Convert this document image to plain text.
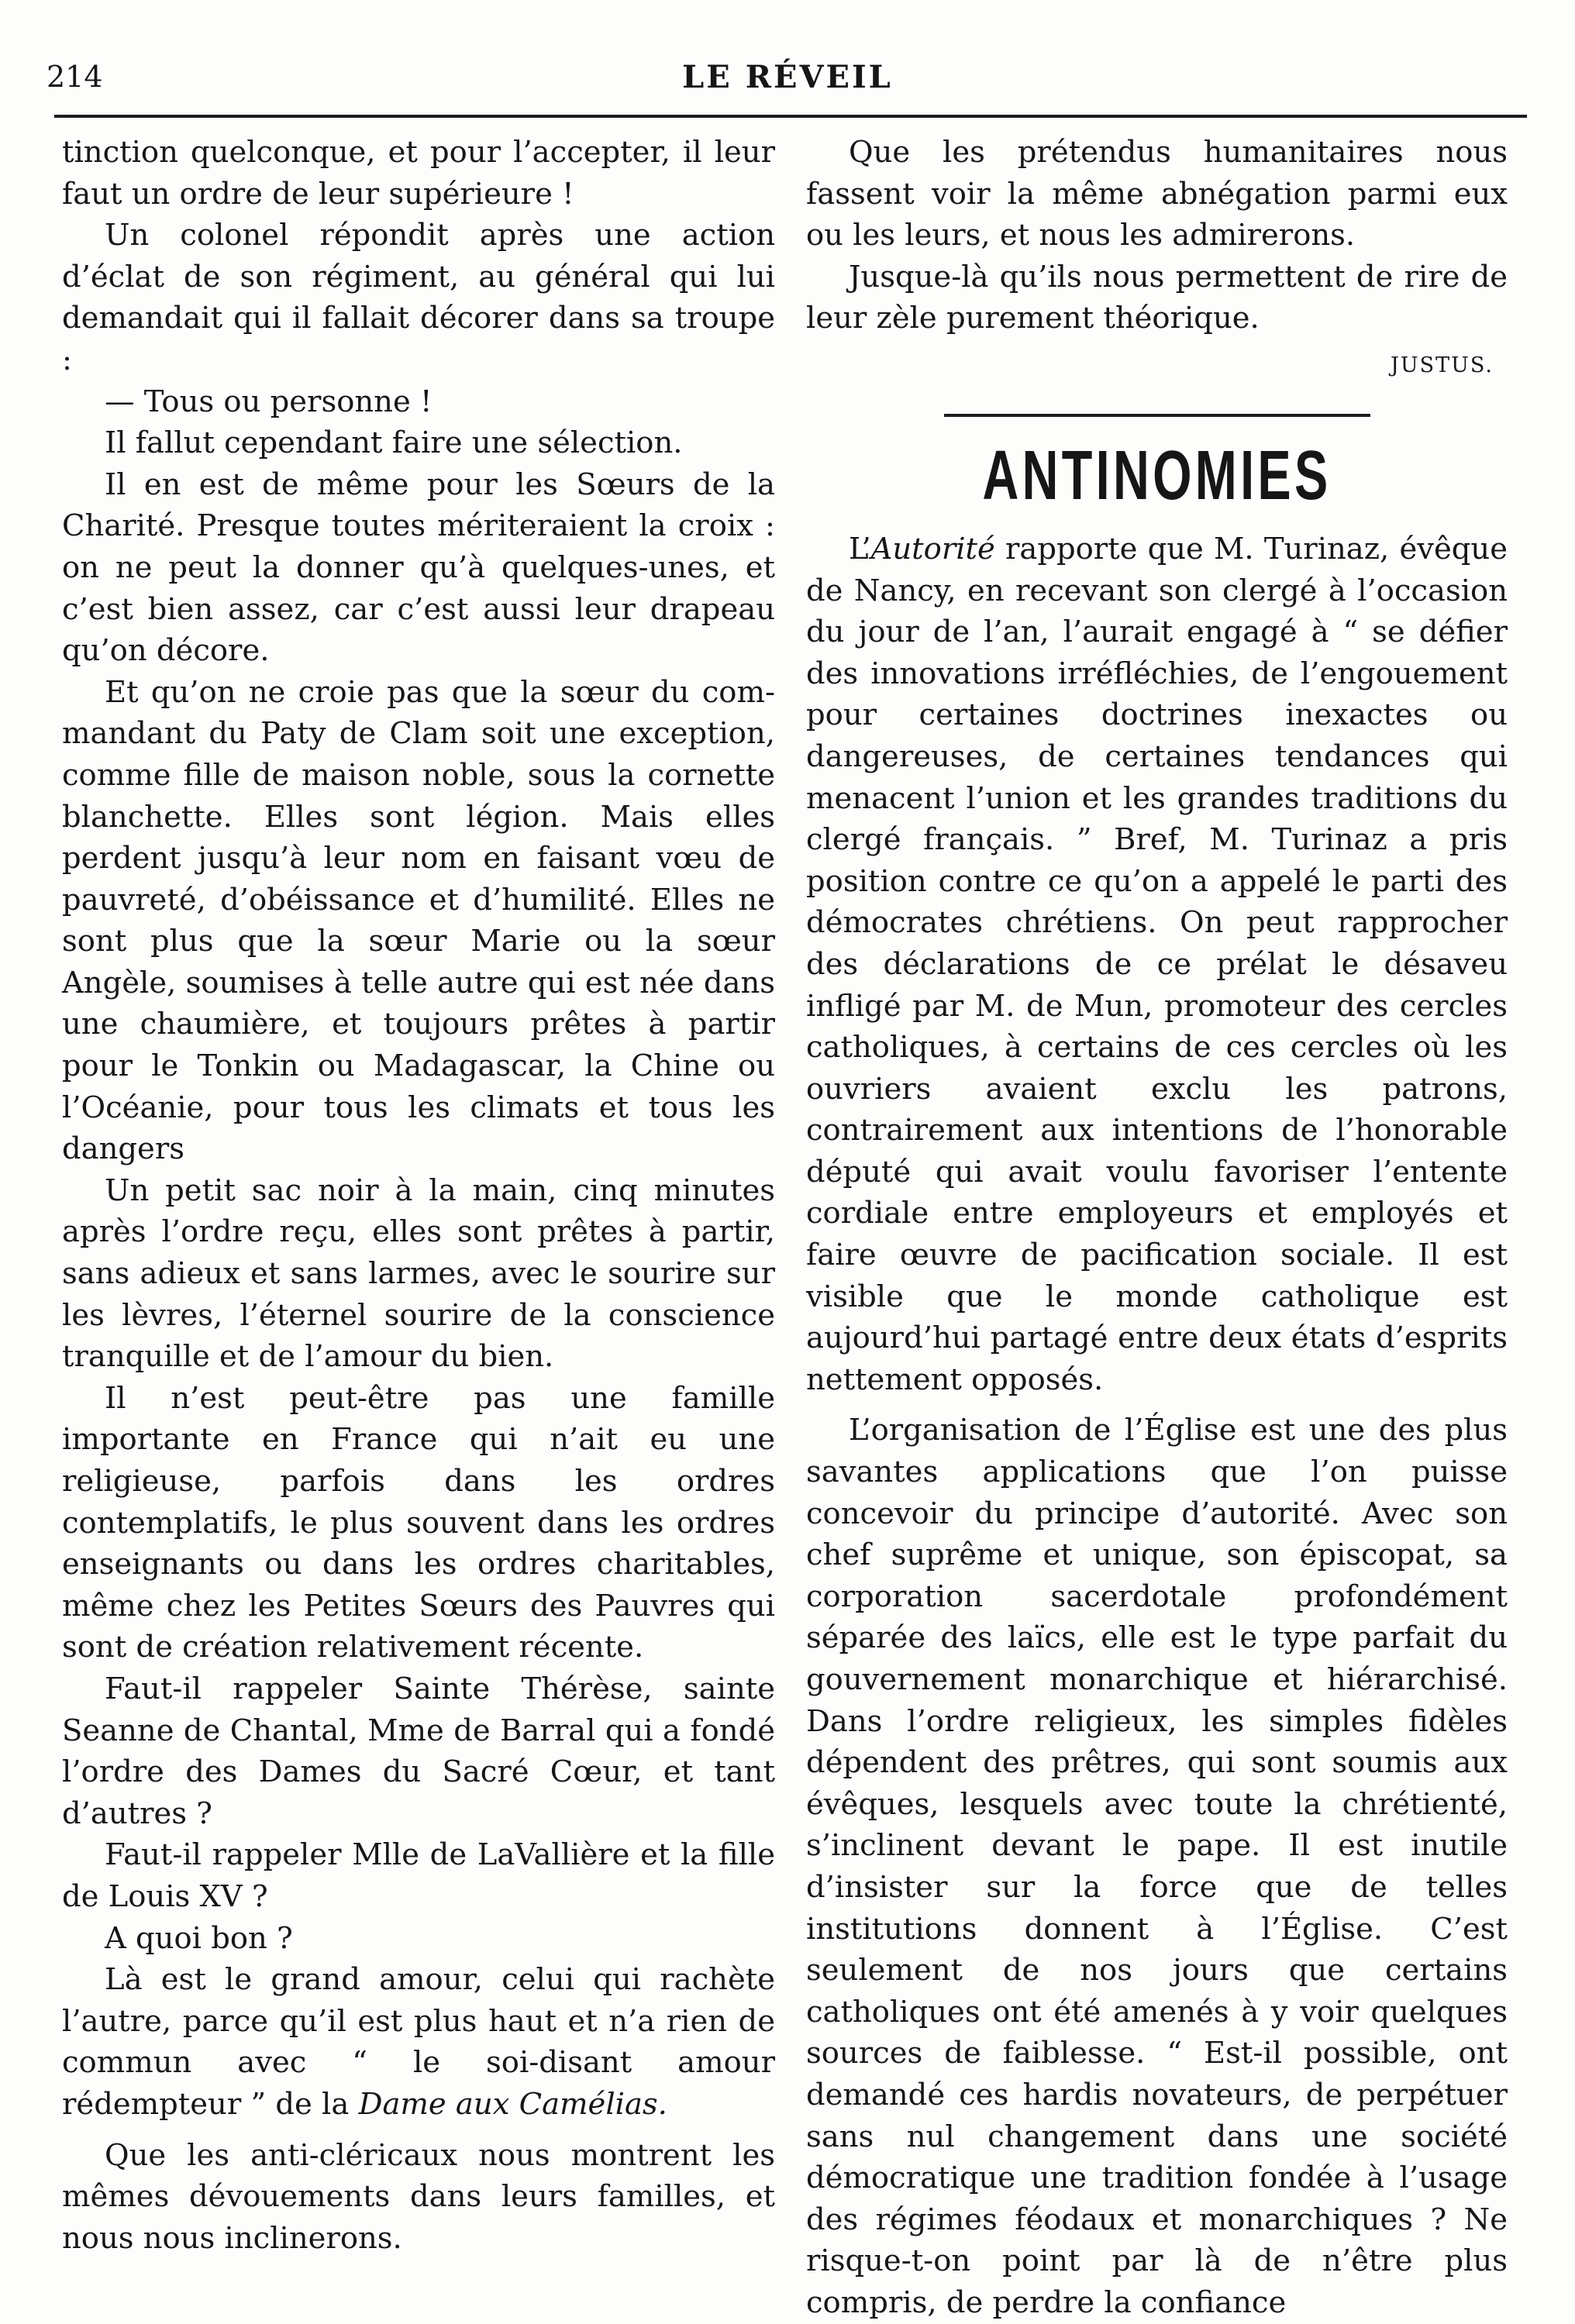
214	LE RÉVEIL

tinction quelconque, et pour l’accepter, il leur faut un ordre de leur supérieure !

Un colonel répondit après une action d’éclat de son régiment, au général qui lui demandait qui il fallait décorer dans sa troupe :

— Tous ou personne !

Il fallut cependant faire une sélection.

Il en est de même pour les Sœurs de la Charité. Presque toutes mériteraient la croix : on ne peut la donner qu’à quelques-unes, et c’est bien assez, car c’est aussi leur drapeau qu’on décore.

Et qu’on ne croie pas que la sœur du commandant du Paty de Clam soit une exception, comme fille de maison noble, sous la cornette blanchette. Elles sont légion. Mais elles perdent jusqu’à leur nom en faisant vœu de pauvreté, d’obéissance et d’humilité. Elles ne sont plus que la sœur Marie ou la sœur Angèle, soumises à telle autre qui est née dans une chaumière, et toujours prêtes à partir pour le Tonkin ou Madagascar, la Chine ou l’Océanie, pour tous les climats et tous les dangers

Un petit sac noir à la main, cinq minutes après l’ordre reçu, elles sont prêtes à partir, sans adieux et sans larmes, avec le sourire sur les lèvres, l’éternel sourire de la conscience tranquille et de l’amour du bien.

Il n’est peut-être pas une famille importante en France qui n’ait eu une religieuse, parfois dans les ordres contemplatifs, le plus souvent dans les ordres enseignants ou dans les ordres charitables, même chez les Petites Sœurs des Pauvres qui sont de création relativement récente.

Faut-il rappeler Sainte Thérèse, sainte Seanne de Chantal, Mme de Barral qui a fondé l’ordre des Dames du Sacré Cœur, et tant d’autres ?

Faut-il rappeler Mlle de LaVallière et la fille de Louis XV ?

A quoi bon ?

Là est le grand amour, celui qui rachète l’autre, parce qu’il est plus haut et n’a rien de commun avec “ le soi-disant amour rédempteur ” de la Dame aux Camélias.

Que les anti-cléricaux nous montrent les mêmes dévouements dans leurs familles, et nous nous inclinerons.

Que les prétendus humanitaires nous fassent voir la même abnégation parmi eux ou les leurs, et nous les admirerons.

Jusque-là qu’ils nous permettent de rire de leur zèle purement théorique.

JUSTUS.
ANTINOMIES

L’Autorité rapporte que M. Turinaz, évêque de Nancy, en recevant son clergé à l’occasion du jour de l’an, l’aurait engagé à “ se défier des innovations irréfléchies, de l’engouement pour certaines doctrines inexactes ou dangereuses, de certaines tendances qui menacent l’union et les grandes traditions du clergé français. ” Bref, M. Turinaz a pris position contre ce qu’on a appelé le parti des démocrates chrétiens. On peut rapprocher des déclarations de ce prélat le désaveu infligé par M. de Mun, promoteur des cercles catholiques, à certains de ces cercles où les ouvriers avaient exclu les patrons, contrairement aux intentions de l’honorable député qui avait voulu favoriser l’entente cordiale entre employeurs et employés et faire œuvre de pacification sociale. Il est visible que le monde catholique est aujourd’hui partagé entre deux états d’esprits nettement opposés.

L’organisation de l’Église est une des plus savantes applications que l’on puisse concevoir du principe d’autorité. Avec son chef suprême et unique, son épiscopat, sa corporation sacerdotale profondément séparée des laïcs, elle est le type parfait du gouvernement monarchique et hiérarchisé. Dans l’ordre religieux, les simples fidèles dépendent des prêtres, qui sont soumis aux évêques, lesquels avec toute la chrétienté, s’inclinent devant le pape. Il est inutile d’insister sur la force que de telles institutions donnent à l’Église. C’est seulement de nos jours que certains catholiques ont été amenés à y voir quelques sources de faiblesse. “ Est-il possible, ont demandé ces hardis novateurs, de perpétuer sans nul changement dans une société démocratique une tradition fondée à l’usage des régimes féodaux et monarchiques ? Ne risque-t-on point par là de n’être plus compris, de perdre la confiance
